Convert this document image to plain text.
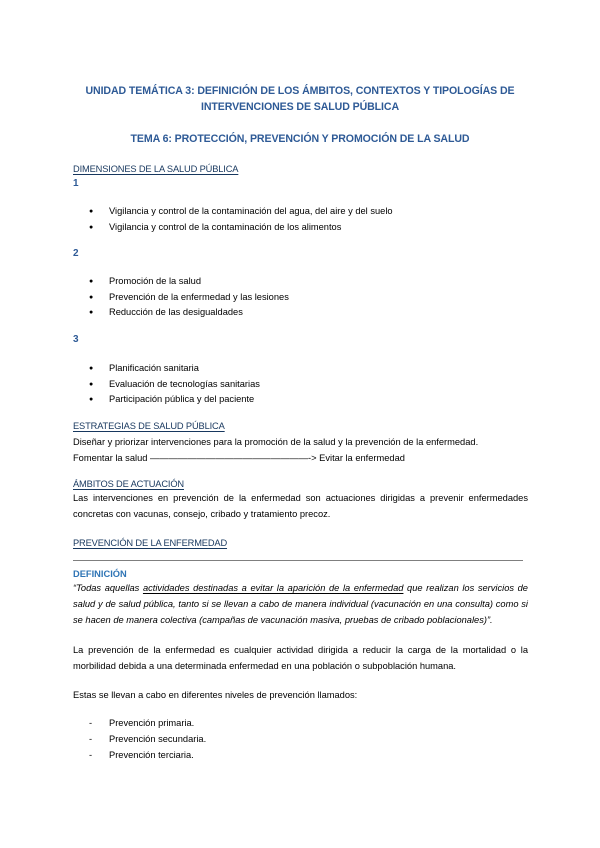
UNIDAD TEMÁTICA 3: DEFINICIÓN DE LOS ÁMBITOS, CONTEXTOS Y TIPOLOGÍAS DE
INTERVENCIONES DE SALUD PÚBLICA
TEMA 6: PROTECCIÓN, PREVENCIÓN Y PROMOCIÓN DE LA SALUD
DIMENSIONES DE LA SALUD PÚBLICA
1
● Vigilancia y control de la contaminación del agua, del aire y del suelo
● Vigilancia y control de la contaminación de los alimentos
2
● Promoción de la salud
● Prevención de la enfermedad y las lesiones
● Reducción de las desigualdades
3
● Planificación sanitaria
● Evaluación de tecnologías sanitarias
● Participación pública y del paciente
ESTRATEGIAS DE SALUD PÚBLICA
Diseñar y priorizar intervenciones para la promoción de la salud y la prevención de la enfermedad.
Fomentar la salud —————————————————-> Evitar la enfermedad
ÁMBITOS DE ACTUACIÓN
Las intervenciones en prevención de la enfermedad son actuaciones dirigidas a prevenir enfermedades concretas con vacunas, consejo, cribado y tratamiento precoz.
PREVENCIÓN DE LA ENFERMEDAD
DEFINICIÓN
“Todas aquellas actividades destinadas a evitar la aparición de la enfermedad que realizan los servicios de salud y de salud pública, tanto si se llevan a cabo de manera individual (vacunación en una consulta) como si se hacen de manera colectiva (campañas de vacunación masiva, pruebas de cribado poblacionales)”.
La prevención de la enfermedad es cualquier actividad dirigida a reducir la carga de la mortalidad o la morbilidad debida a una determinada enfermedad en una población o subpoblación humana.
Estas se llevan a cabo en diferentes niveles de prevención llamados:
- Prevención primaria.
- Prevención secundaria.
- Prevención terciaria.
